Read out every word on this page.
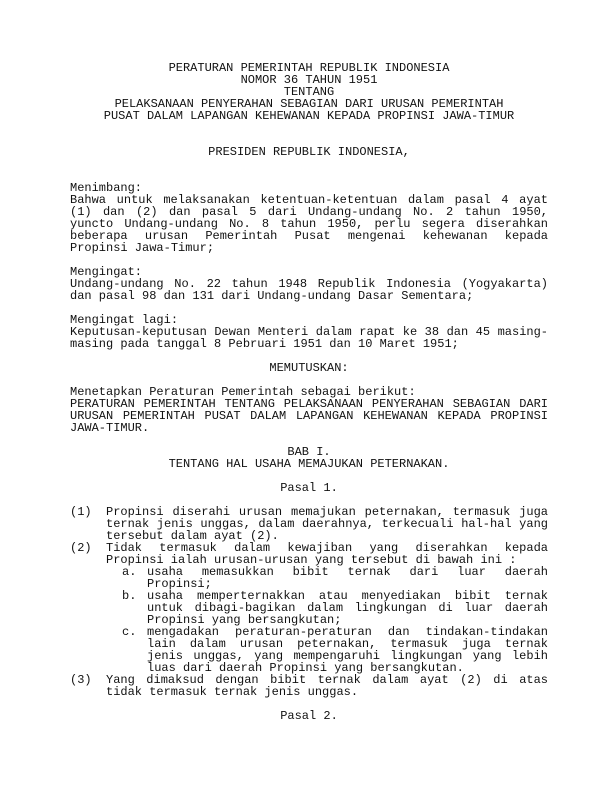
PERATURAN PEMERINTAH REPUBLIK INDONESIA
NOMOR 36 TAHUN 1951
TENTANG
PELAKSANAAN PENYERAHAN SEBAGIAN DARI URUSAN PEMERINTAH
PUSAT DALAM LAPANGAN KEHEWANAN KEPADA PROPINSI JAWA-TIMUR
PRESIDEN REPUBLIK INDONESIA,
Menimbang:
Bahwa untuk melaksanakan ketentuan-ketentuan dalam pasal 4 ayat (1) dan (2) dan pasal 5 dari Undang-undang No. 2 tahun 1950, yuncto Undang-undang No. 8 tahun 1950, perlu segera diserahkan beberapa urusan Pemerintah Pusat mengenai kehewanan kepada Propinsi Jawa-Timur;
Mengingat:
Undang-undang No. 22 tahun 1948 Republik Indonesia (Yogyakarta) dan pasal 98 dan 131 dari Undang-undang Dasar Sementara;
Mengingat lagi:
Keputusan-keputusan Dewan Menteri dalam rapat ke 38 dan 45 masing-masing pada tanggal 8 Pebruari 1951 dan 10 Maret 1951;
MEMUTUSKAN:
Menetapkan Peraturan Pemerintah sebagai berikut:
PERATURAN PEMERINTAH TENTANG PELAKSANAAN PENYERAHAN SEBAGIAN DARI URUSAN PEMERINTAH PUSAT DALAM LAPANGAN KEHEWANAN KEPADA PROPINSI JAWA-TIMUR.
BAB I.
TENTANG HAL USAHA MEMAJUKAN PETERNAKAN.
Pasal 1.
(1)	Propinsi diserahi urusan memajukan peternakan, termasuk juga ternak jenis unggas, dalam daerahnya, terkecuali hal-hal yang tersebut dalam ayat (2).
(2)	Tidak termasuk dalam kewajiban yang diserahkan kepada Propinsi ialah urusan-urusan yang tersebut di bawah ini :
a. usaha memasukkan bibit ternak dari luar daerah Propinsi;
b. usaha memperternakkan atau menyediakan bibit ternak untuk dibagi-bagikan dalam lingkungan di luar daerah Propinsi yang bersangkutan;
c. mengadakan peraturan-peraturan dan tindakan-tindakan lain dalam urusan peternakan, termasuk juga ternak jenis unggas, yang mempengaruhi lingkungan yang lebih luas dari daerah Propinsi yang bersangkutan.
(3)	Yang dimaksud dengan bibit ternak dalam ayat (2) di atas tidak termasuk ternak jenis unggas.
Pasal 2.
